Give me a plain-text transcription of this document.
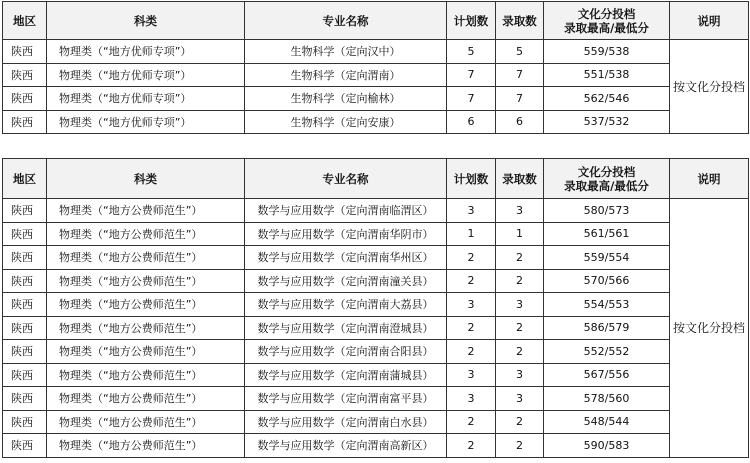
地区	科类	专业名称	计划数	录取数	文化分投档
录取最高/最低分	说明
陕西	物理类（“地方优师专项”）	生物科学（定向汉中）	5	5	559/538	按文化分投档
陕西	物理类（“地方优师专项”）	生物科学（定向渭南）	7	7	551/538	
陕西	物理类（“地方优师专项”）	生物科学（定向榆林）	7	7	562/546	
陕西	物理类（“地方优师专项”）	生物科学（定向安康）	6	6	537/532	
地区	科类	专业名称	计划数	录取数	文化分投档
录取最高/最低分	说明
陕西	物理类（“地方公费师范生”）	数学与应用数学（定向渭南临渭区）	3	3	580/573	按文化分投档
陕西	物理类（“地方公费师范生”）	数学与应用数学（定向渭南华阴市）	1	1	561/561	
陕西	物理类（“地方公费师范生”）	数学与应用数学（定向渭南华州区）	2	2	559/554	
陕西	物理类（“地方公费师范生”）	数学与应用数学（定向渭南潼关县）	2	2	570/566	
陕西	物理类（“地方公费师范生”）	数学与应用数学（定向渭南大荔县）	3	3	554/553	
陕西	物理类（“地方公费师范生”）	数学与应用数学（定向渭南澄城县）	2	2	586/579	
陕西	物理类（“地方公费师范生”）	数学与应用数学（定向渭南合阳县）	2	2	552/552	
陕西	物理类（“地方公费师范生”）	数学与应用数学（定向渭南蒲城县）	3	3	567/556	
陕西	物理类（“地方公费师范生”）	数学与应用数学（定向渭南富平县）	3	3	578/560	
陕西	物理类（“地方公费师范生”）	数学与应用数学（定向渭南白水县）	2	2	548/544	
陕西	物理类（“地方公费师范生”）	数学与应用数学（定向渭南高新区）	2	2	590/583	
